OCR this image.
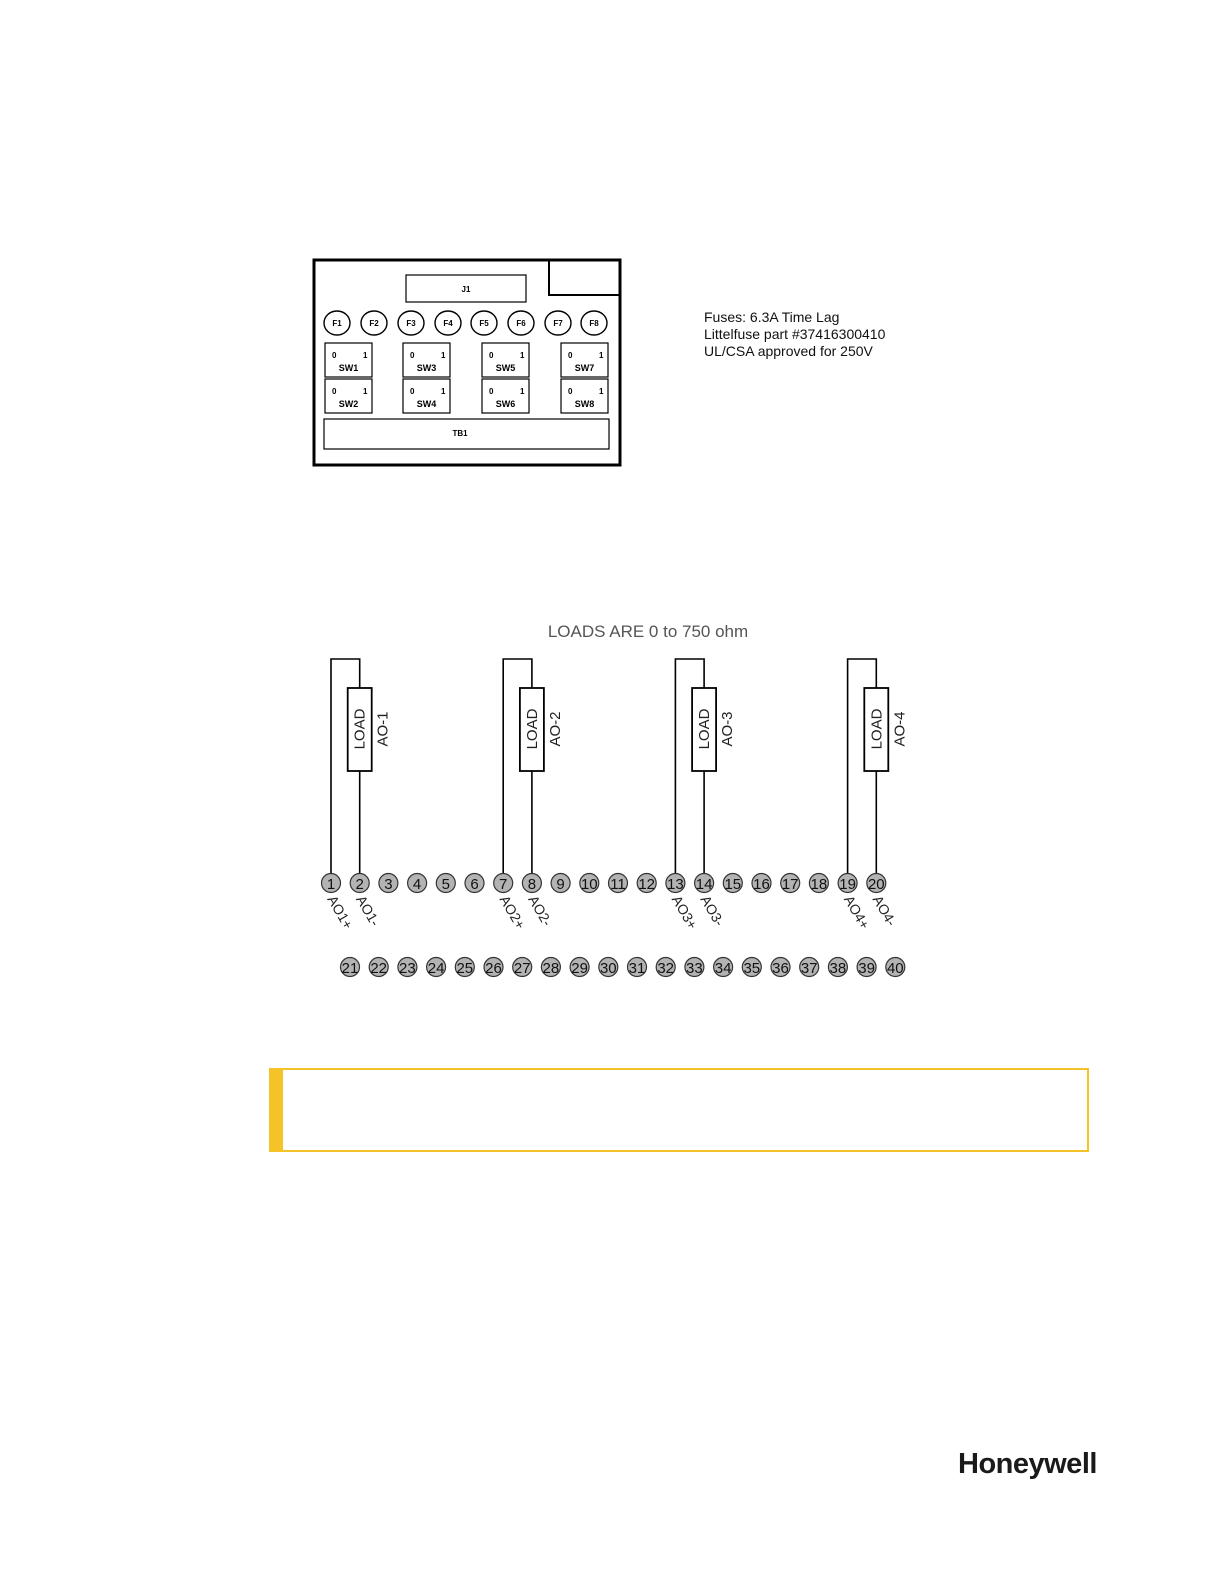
J1
F1	F2	F3	F4	F5	F6	F7	F8
0	1
SW1
0	1
SW2
0	1
SW3
0	1
SW4
0	1
SW5
0	1
SW6
0	1
SW7
0	1
SW8
TB1
Fuses: 6.3A Time Lag
Littelfuse part #37416300410
UL/CSA approved for 250V
LOADS ARE 0 to 750 ohm
LOAD AO-1	LOAD AO-2	LOAD AO-3	LOAD AO-4
1 2 3 4 5 6 7 8 9 10 11 12 13 14 15 16 17 18 19 20
21 22 23 24 25 26 27 28 29 30 31 32 33 34 35 36 37 38 39 40
AO1+
AO1-	AO2+
AO2-	AO3+
AO3-	AO4+
AO4-
Honeywell
